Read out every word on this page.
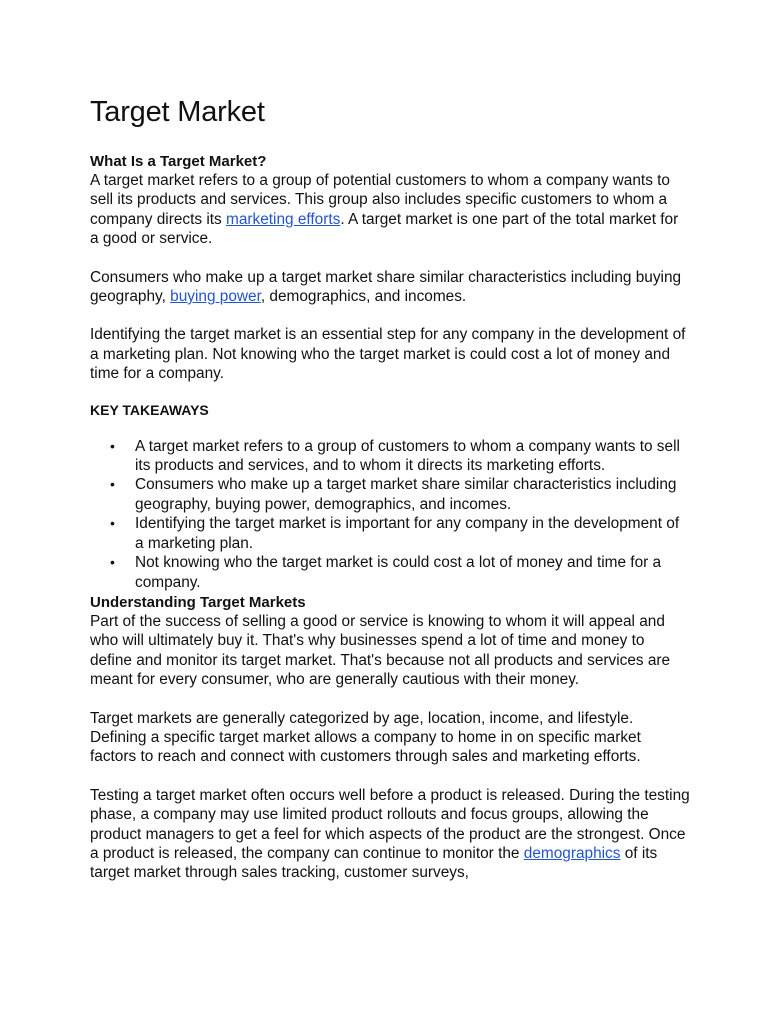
Target Market
What Is a Target Market?

A target market refers to a group of potential customers to whom a company wants to sell its products and services. This group also includes specific customers to whom a company directs its marketing efforts. A target market is one part of the total market for a good or service.

Consumers who make up a target market share similar characteristics including buying geography, buying power, demographics, and incomes.

Identifying the target market is an essential step for any company in the development of a marketing plan. Not knowing who the target market is could cost a lot of money and time for a company.

KEY TAKEAWAYS
• A target market refers to a group of customers to whom a company wants to sell its products and services, and to whom it directs its marketing efforts.
• Consumers who make up a target market share similar characteristics including geography, buying power, demographics, and incomes.
• Identifying the target market is important for any company in the development of a marketing plan.
• Not knowing who the target market is could cost a lot of money and time for a company.
Understanding Target Markets

Part of the success of selling a good or service is knowing to whom it will appeal and who will ultimately buy it. That's why businesses spend a lot of time and money to define and monitor its target market. That's because not all products and services are meant for every consumer, who are generally cautious with their money.

Target markets are generally categorized by age, location, income, and lifestyle. Defining a specific target market allows a company to home in on specific market factors to reach and connect with customers through sales and marketing efforts.

Testing a target market often occurs well before a product is released. During the testing phase, a company may use limited product rollouts and focus groups, allowing the product managers to get a feel for which aspects of the product are the strongest. Once a product is released, the company can continue to monitor the demographics of its target market through sales tracking, customer surveys,
